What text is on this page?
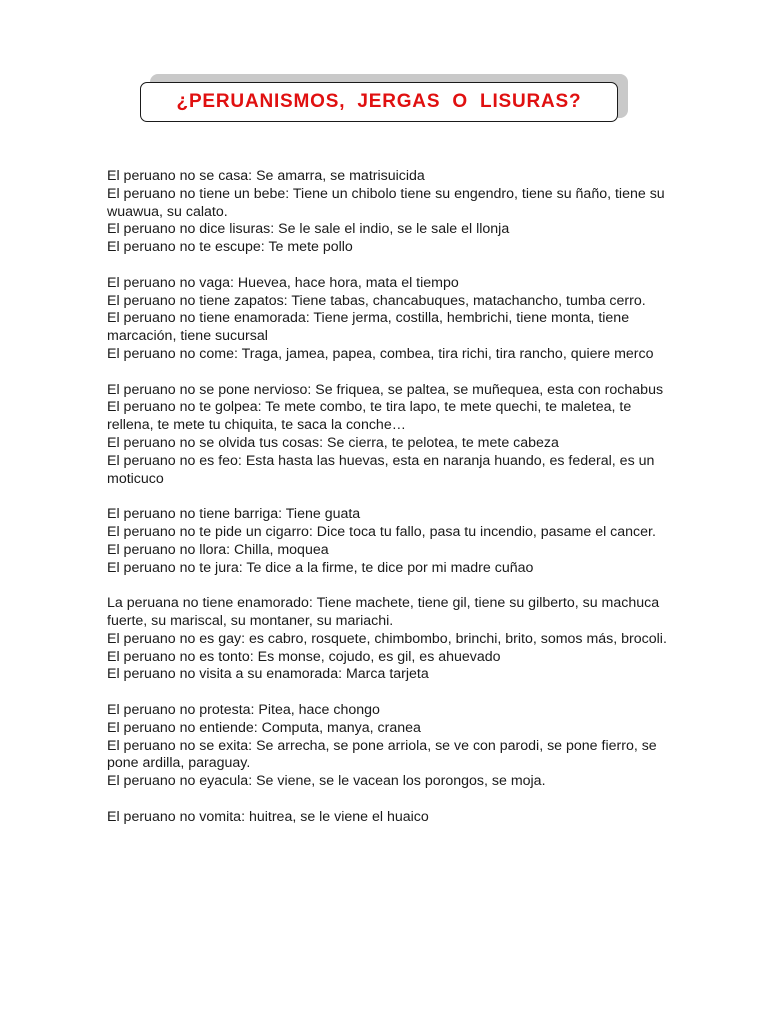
¿PERUANISMOS, JERGAS O LISURAS?
El peruano no se casa: Se amarra, se matrisuicida
El peruano no tiene un bebe: Tiene un chibolo tiene su engendro, tiene su ñaño, tiene su wuawua, su calato.
El peruano no dice lisuras: Se le sale el indio, se le sale el llonja
El peruano no te escupe: Te mete pollo
El peruano no vaga: Huevea, hace hora, mata el tiempo
El peruano no tiene zapatos: Tiene tabas, chancabuques, matachancho, tumba cerro.
El peruano no tiene enamorada: Tiene jerma, costilla, hembrichi, tiene monta, tiene marcación, tiene sucursal
El peruano no come: Traga, jamea, papea, combea, tira richi, tira rancho, quiere merco
El peruano no se pone nervioso: Se friquea, se paltea, se muñequea, esta con rochabus
El peruano no te golpea: Te mete combo, te tira lapo, te mete quechi, te maletea, te rellena, te mete tu chiquita, te saca la conche…
El peruano no se olvida tus cosas: Se cierra, te pelotea, te mete cabeza
El peruano no es feo: Esta hasta las huevas, esta en naranja huando, es federal, es un moticuco
El peruano no tiene barriga: Tiene guata
El peruano no te pide un cigarro: Dice toca tu fallo, pasa tu incendio, pasame el cancer.
El peruano no llora: Chilla, moquea
El peruano no te jura: Te dice a la firme, te dice por mi madre cuñao
La peruana no tiene enamorado: Tiene machete, tiene gil, tiene su gilberto, su machuca fuerte, su mariscal, su montaner, su mariachi.
El peruano no es gay: es cabro, rosquete, chimbombo, brinchi, brito, somos más, brocoli.
El peruano no es tonto: Es monse, cojudo, es gil, es ahuevado
El peruano no visita a su enamorada: Marca tarjeta
El peruano no protesta: Pitea, hace chongo
El peruano no entiende: Computa, manya, cranea
El peruano no se exita: Se arrecha, se pone arriola, se ve con parodi, se pone fierro, se pone ardilla, paraguay.
El peruano no eyacula: Se viene, se le vacean los porongos, se moja.
El peruano no vomita: huitrea, se le viene el huaico
